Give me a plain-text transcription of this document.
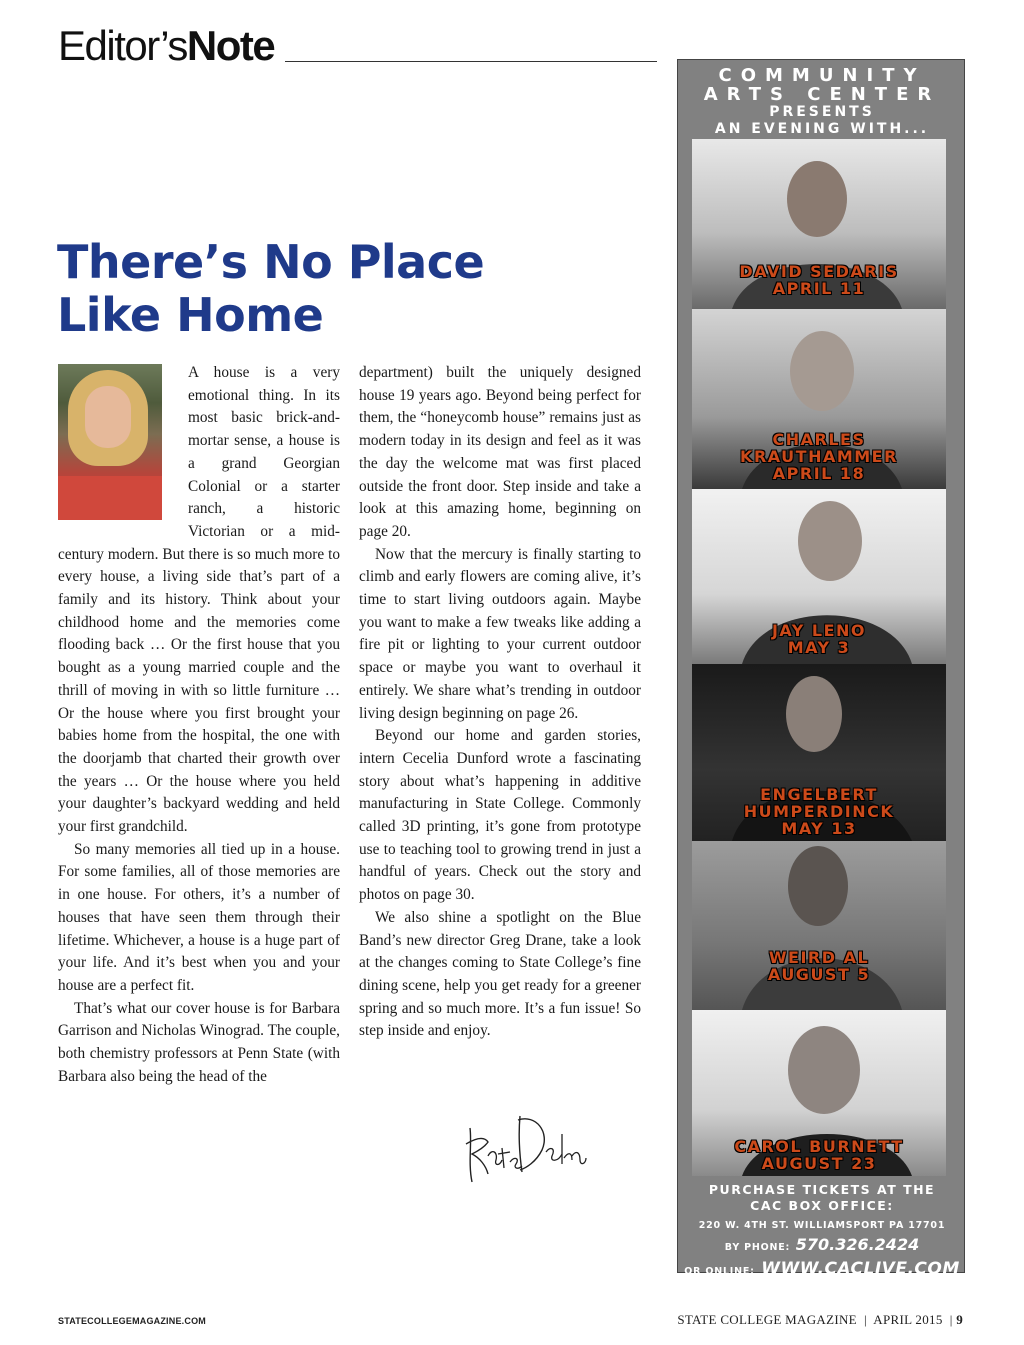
Editor’sNote
There’s No Place
Like Home

A house is a very emotional thing. In its most basic brick-and-mortar sense, a house is a grand Georgian Colonial or a starter ranch, a historic Victorian or a mid-century modern. But there is so much more to every house, a living side that’s part of a family and its history. Think about your childhood home and the memories come flooding back … Or the first house that you bought as a young married couple and the thrill of moving in with so little furniture … Or the house where you first brought your babies home from the hospital, the one with the doorjamb that charted their growth over the years … Or the house where you held your daughter’s backyard wedding and held your first grandchild.

So many memories all tied up in a house. For some families, all of those memories are in one house. For others, it’s a number of houses that have seen them through their lifetime. Whichever, a house is a huge part of your life. And it’s best when you and your house are a perfect fit.

That’s what our cover house is for Barbara Garrison and Nicholas Winograd. The couple, both chemistry professors at Penn State (with Barbara also being the head of the

department) built the uniquely designed house 19 years ago. Beyond being perfect for them, the “honeycomb house” remains just as modern today in its design and feel as it was the day the welcome mat was first placed outside the front door. Step inside and take a look at this amazing home, beginning on page 20.

Now that the mercury is finally starting to climb and early flowers are coming alive, it’s time to start living outdoors again. Maybe you want to make a few tweaks like adding a fire pit or lighting to your current outdoor space or maybe you want to overhaul it entirely. We share what’s trending in outdoor living design beginning on page 26.

Beyond our home and garden stories, intern Cecelia Dunford wrote a fascinating story about what’s happening in additive manufacturing in State College. Commonly called 3D printing, it’s gone from prototype use to teaching tool to growing trend in just a handful of years. Check out the story and photos on page 30.

We also shine a spotlight on the Blue Band’s new director Greg Drane, take a look at the changes coming to State College’s fine dining scene, help you get ready for a greener spring and so much more. It’s a fun issue! So step inside and enjoy.

COMMUNITY
ARTS CENTER
PRESENTS
AN EVENING WITH...
DAVID SEDARIS
APRIL 11
CHARLES
KRAUTHAMMER
APRIL 18
JAY LENO
MAY 3
ENGELBERT
HUMPERDINCK
MAY 13
WEIRD AL
AUGUST 5
CAROL BURNETT
AUGUST 23
PURCHASE TICKETS AT THE
CAC BOX OFFICE:
220 W. 4TH ST. WILLIAMSPORT PA 17701
BY PHONE: 570.326.2424
OR ONLINE: WWW.CACLIVE.COM
STATECOLLEGEMAGAZINE.COM	STATE COLLEGE MAGAZINE  |  APRIL 2015  | 9
